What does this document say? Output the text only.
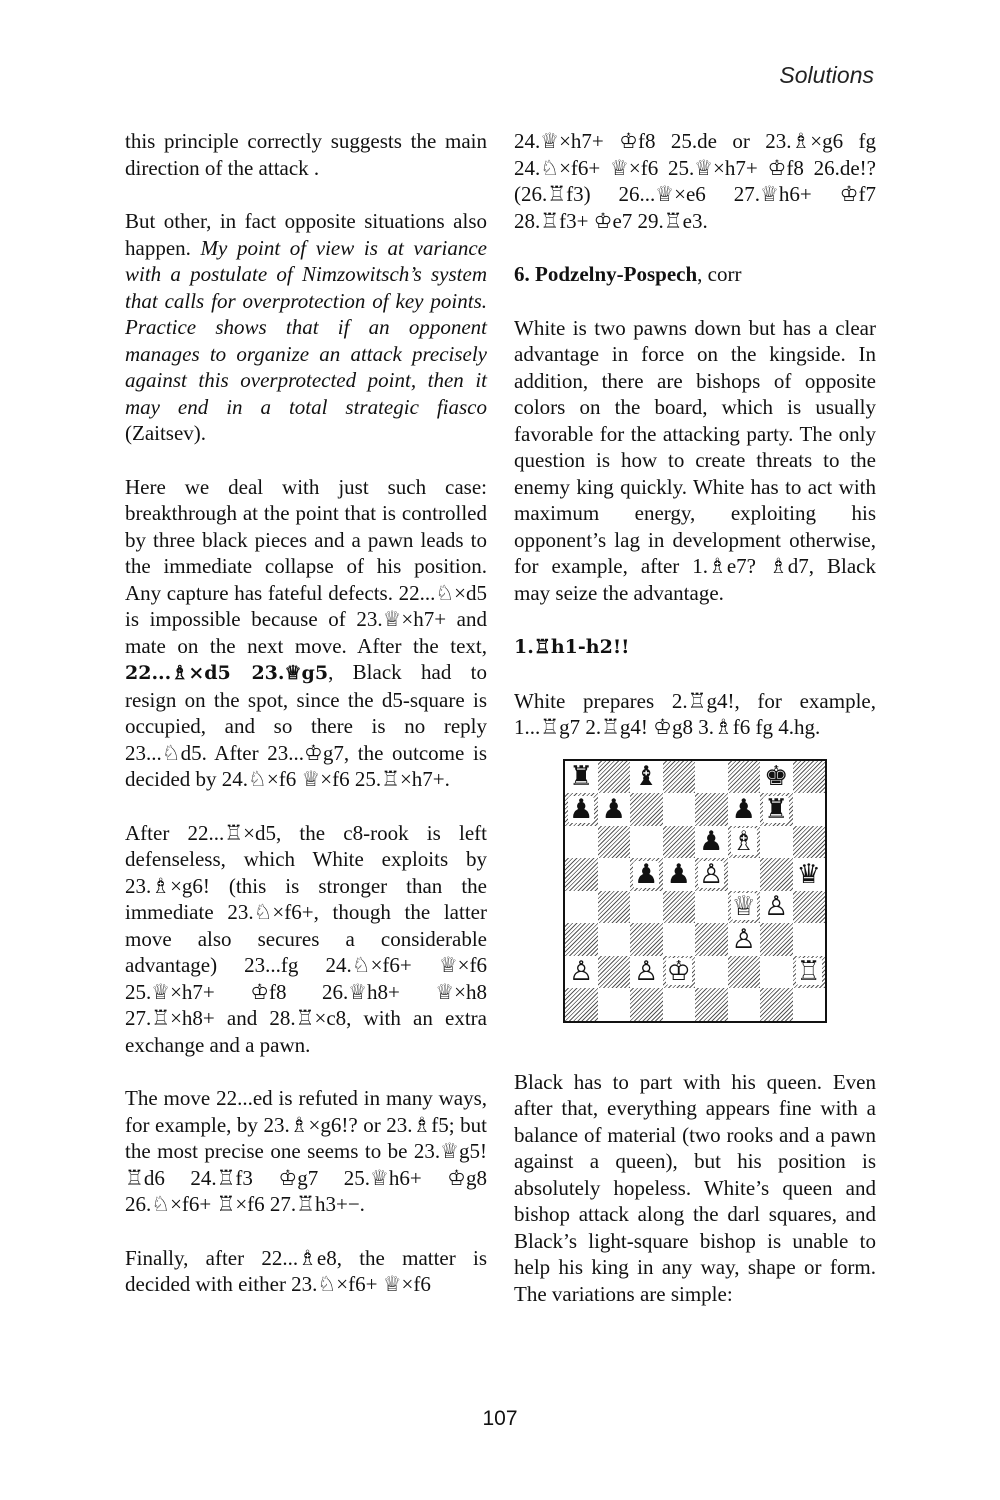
Solutions

this principle correctly suggests the main direction of the attack .

But other, in fact opposite situations also happen. My point of view is at variance with a postulate of Nimzowitsch’s system that calls for overprotection of key points. Practice shows that if an opponent manages to organize an attack precisely against this overprotected point, then it may end in a total strategic fiasco (Zaitsev).

Here we deal with just such case: breakthrough at the point that is controlled by three black pieces and a pawn leads to the immediate collapse of his position. Any capture has fateful defects. 22...♘×d5 is impossible because of 23.♕×h7+ and mate on the next move. After the text, 22...♗×d5 23.♕g5, Black had to resign on the spot, since the d5-square is occupied, and so there is no reply 23...♘d5. After 23...♔g7, the outcome is decided by 24.♘×f6 ♕×f6 25.♖×h7+.

After 22...♖×d5, the c8-rook is left defenseless, which White exploits by 23.♗×g6! (this is stronger than the immediate 23.♘×f6+, though the latter move also secures a considerable advantage) 23...fg 24.♘×f6+ ♕×f6 25.♕×h7+ ♔f8 26.♕h8+ ♕×h8 27.♖×h8+ and 28.♖×c8, with an extra exchange and a pawn.

The move 22...ed is refuted in many ways, for example, by 23.♗×g6!? or 23.♗f5; but the most precise one seems to be 23.♕g5! ♖d6 24.♖f3 ♔g7 25.♕h6+ ♔g8 26.♘×f6+ ♖×f6 27.♖h3+−.

Finally, after 22...♗e8, the matter is decided with either 23.♘×f6+ ♕×f6

24.♕×h7+ ♔f8 25.de or 23.♗×g6 fg 24.♘×f6+ ♕×f6 25.♕×h7+ ♔f8 26.de!? (26.♖f3) 26...♕×e6 27.♕h6+ ♔f7 28.♖f3+ ♔e7 29.♖e3.

6. Podzelny-Pospech, corr

White is two pawns down but has a clear advantage in force on the kingside. In addition, there are bishops of opposite colors on the board, which is usually favorable for the attacking party. The only question is how to create threats to the enemy king quickly. White has to act with maximum energy, exploiting his opponent’s lag in development otherwise, for example, after 1.♗e7? ♗d7, Black may seize the advantage.

1.♖h1-h2!!

White prepares 2.♖g4!, for example, 1...♖g7 2.♖g4! ♔g8 3.♗f6 fg 4.hg.

♜ ♝	♚
♟ ♟	♟ ♜
♟ ♗
♟ ♟ ♙	♛
♕ ♙
♙
♙ ♙ ♔	♖

Black has to part with his queen. Even after that, everything appears fine with a balance of material (two rooks and a pawn against a queen), but his position is absolutely hopeless. White’s queen and bishop attack along the darl squares, and Black’s light-square bishop is unable to help his king in any way, shape or form. The variations are simple:

107
